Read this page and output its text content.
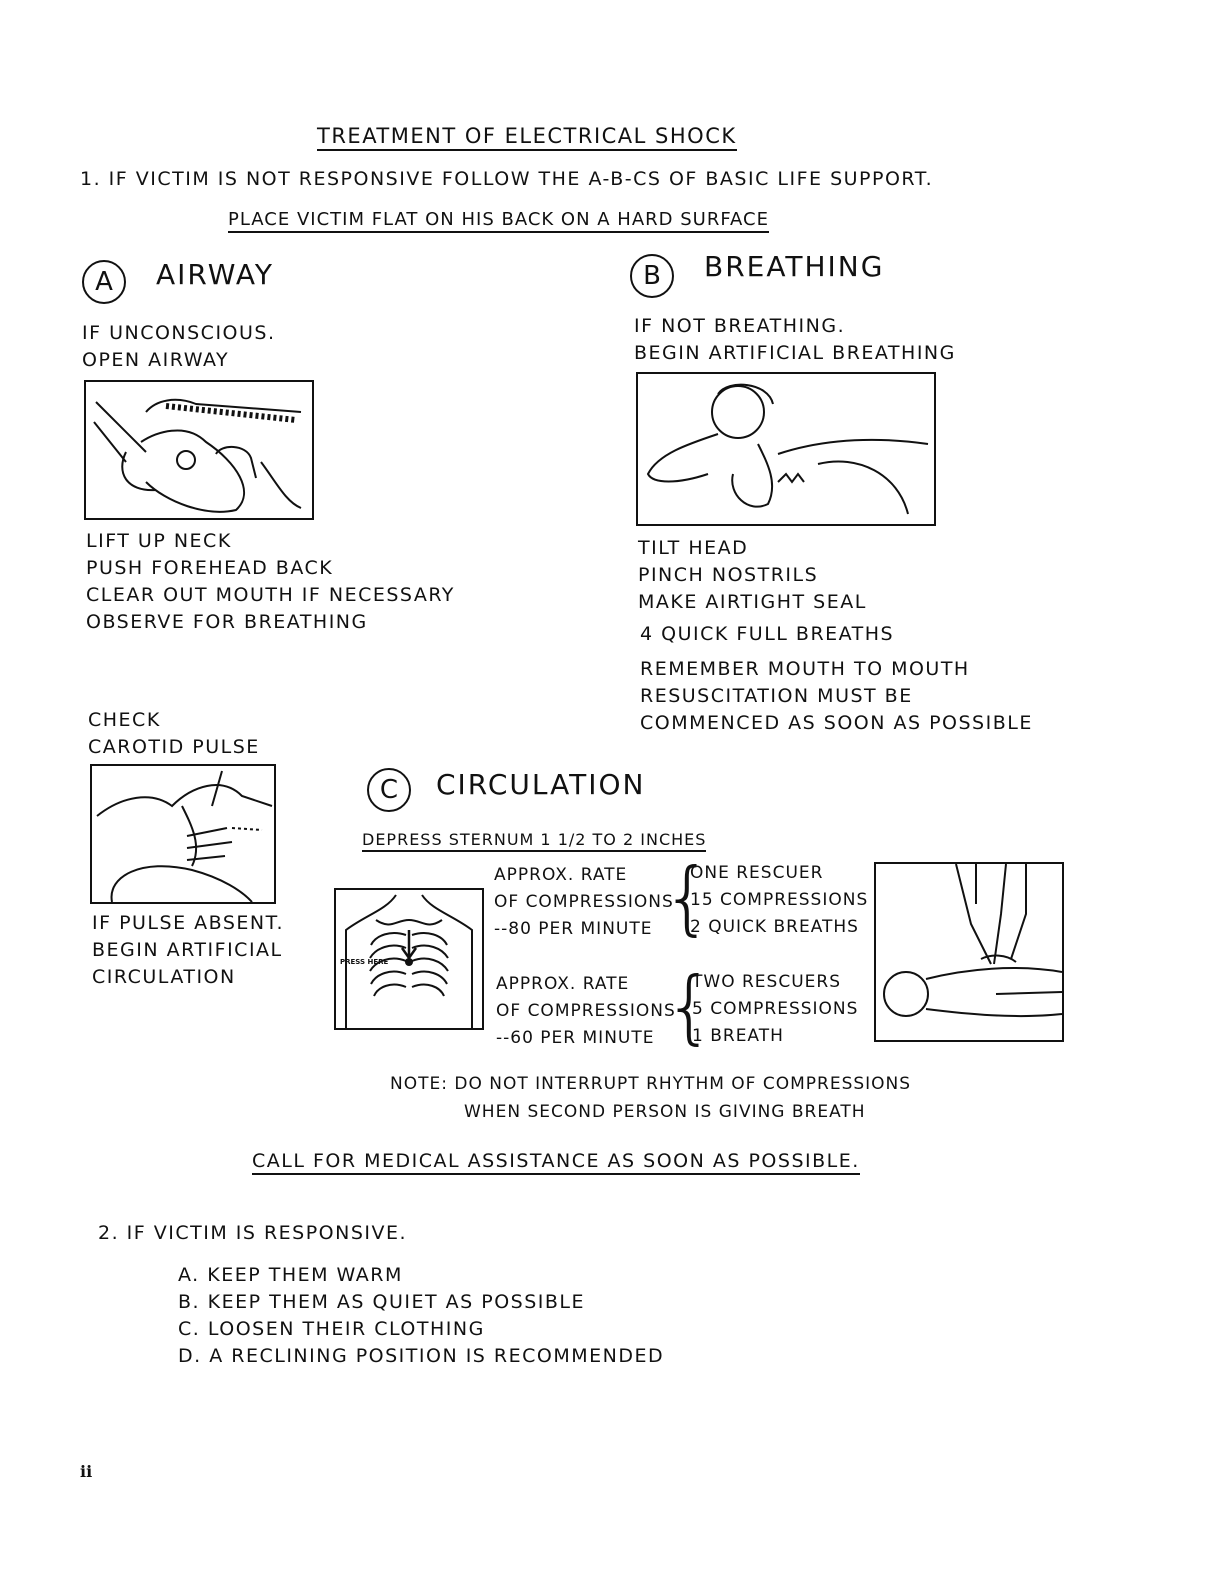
TREATMENT OF ELECTRICAL SHOCK
1. IF VICTIM IS NOT RESPONSIVE FOLLOW THE A-B-CS OF BASIC LIFE SUPPORT.
PLACE VICTIM FLAT ON HIS BACK ON A HARD SURFACE
A	AIRWAY
IF UNCONSCIOUS.
OPEN AIRWAY
LIFT UP NECK
PUSH FOREHEAD BACK
CLEAR OUT MOUTH IF NECESSARY
OBSERVE FOR BREATHING
B	BREATHING
IF NOT BREATHING.
BEGIN ARTIFICIAL BREATHING
TILT HEAD
PINCH NOSTRILS
MAKE AIRTIGHT SEAL
4 QUICK FULL BREATHS
REMEMBER MOUTH TO MOUTH
RESUSCITATION MUST BE
COMMENCED AS SOON AS POSSIBLE
CHECK
CAROTID PULSE
IF PULSE ABSENT.
BEGIN ARTIFICIAL
CIRCULATION
C	CIRCULATION
DEPRESS STERNUM 1 1/2 TO 2 INCHES
PRESS HERE
APPROX. RATE
OF COMPRESSIONS
--80 PER MINUTE {
ONE RESCUER
15 COMPRESSIONS
2 QUICK BREATHS
APPROX. RATE
OF COMPRESSIONS
--60 PER MINUTE {
TWO RESCUERS
5 COMPRESSIONS
1 BREATH
NOTE: DO NOT INTERRUPT RHYTHM OF COMPRESSIONS
WHEN SECOND PERSON IS GIVING BREATH
CALL FOR MEDICAL ASSISTANCE AS SOON AS POSSIBLE.
2. IF VICTIM IS RESPONSIVE.
A. KEEP THEM WARM
B. KEEP THEM AS QUIET AS POSSIBLE
C. LOOSEN THEIR CLOTHING
D. A RECLINING POSITION IS RECOMMENDED
ii
